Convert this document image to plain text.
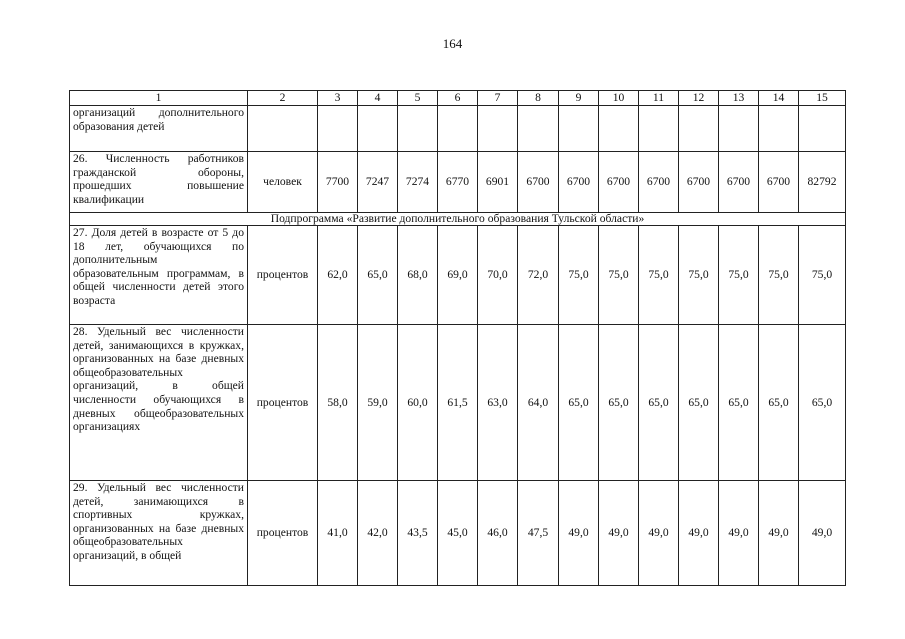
164
1	2	3	4	5	6	7	8	9	10	11	12	13	14	15

организаций дополнительного образования детей														

26. Численность работников гражданской обороны, прошедших повышение квалификации	человек	7700	7247	7274	6770	6901	6700	6700	6700	6700	6700	6700	6700	82792
Подпрограмма «Развитие дополнительного образования Тульской области»														

27. Доля детей в возрасте от 5 до 18 лет, обучающихся по дополнительным образовательным программам, в общей численности детей этого возраста	процентов	62,0	65,0	68,0	69,0	70,0	72,0	75,0	75,0	75,0	75,0	75,0	75,0	75,0

28. Удельный вес численности детей, занимающихся в кружках, организованных на базе дневных общеобразовательных организаций, в общей численности обучающихся в дневных общеобразовательных организациях	процентов	58,0	59,0	60,0	61,5	63,0	64,0	65,0	65,0	65,0	65,0	65,0	65,0	65,0

29. Удельный вес численности детей, занимающихся в спортивных кружках, организованных на базе дневных общеобразовательных организаций, в общей	процентов	41,0	42,0	43,5	45,0	46,0	47,5	49,0	49,0	49,0	49,0	49,0	49,0	49,0
